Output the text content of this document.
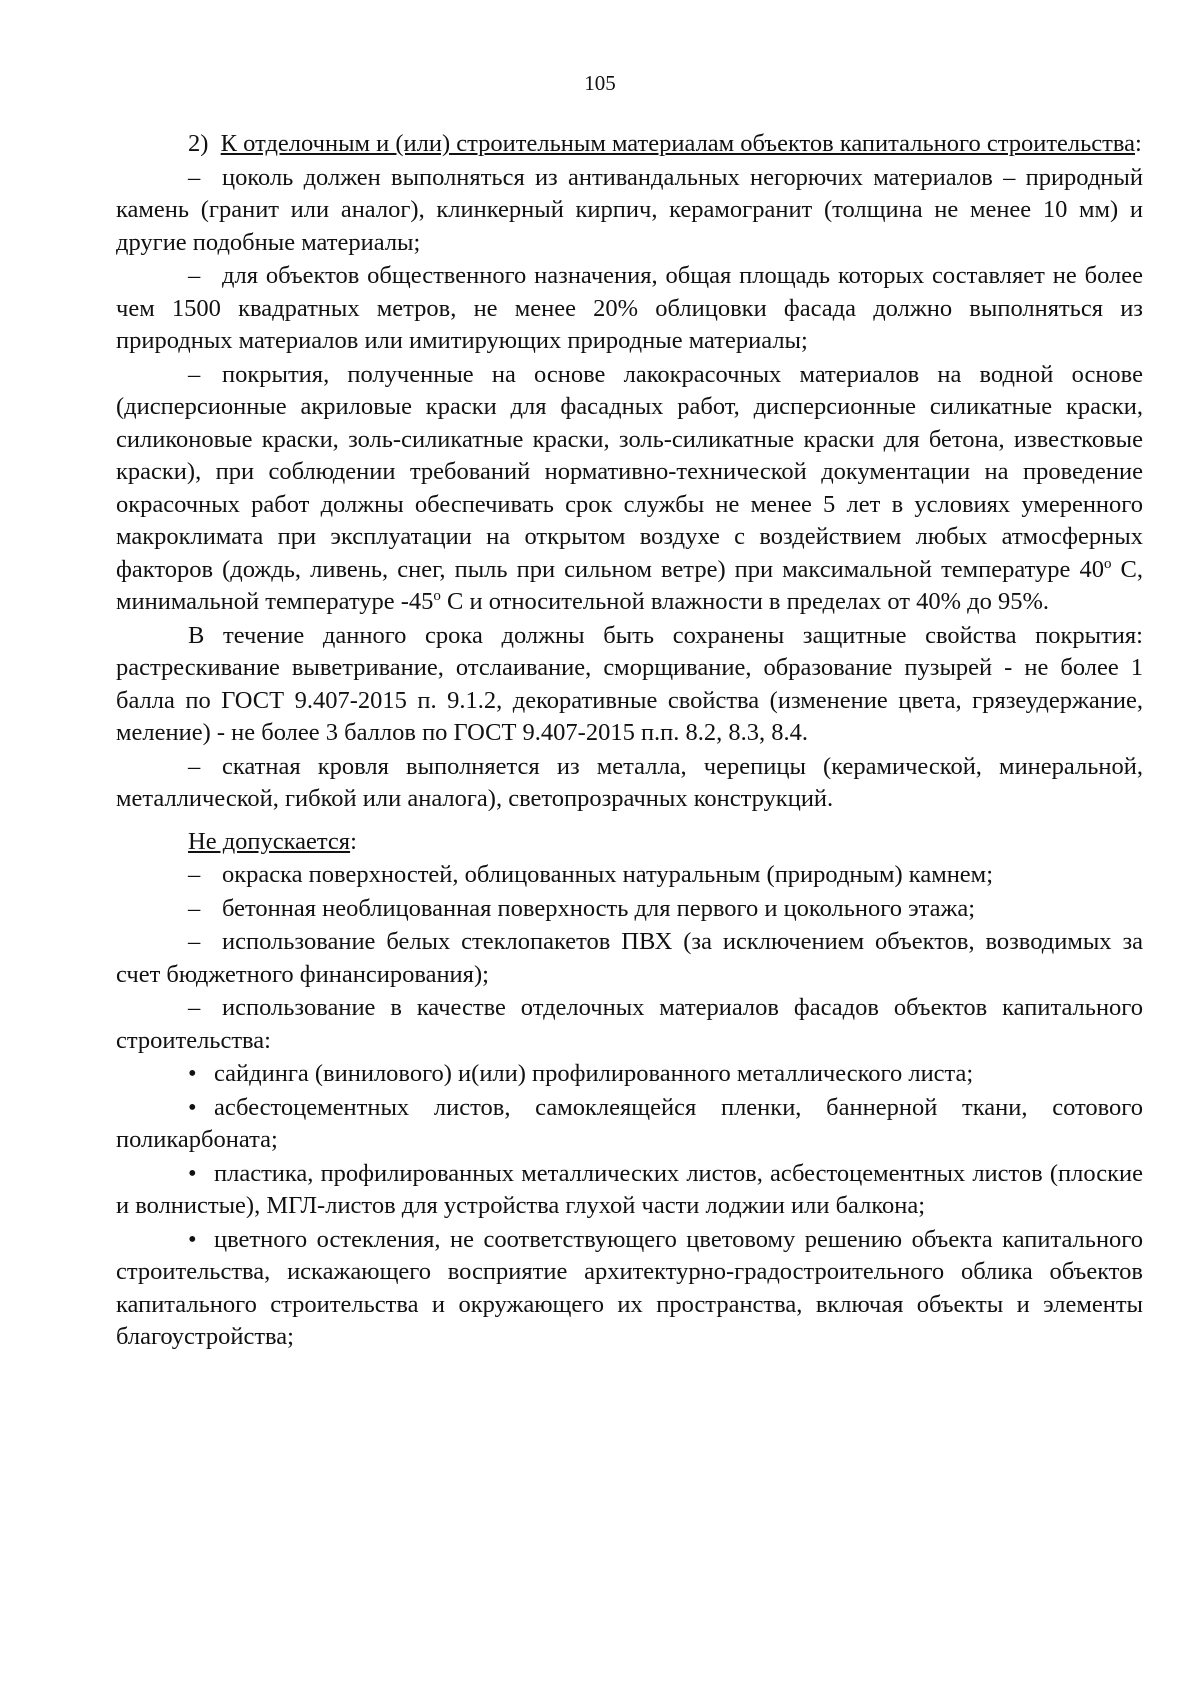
105

2) К отделочным и (или) строительным материалам объектов капитального строительства:

– цоколь должен выполняться из антивандальных негорючих материалов – природный камень (гранит или аналог), клинкерный кирпич, керамогранит (толщина не менее 10 мм) и другие подобные материалы;

– для объектов общественного назначения, общая площадь которых составляет не более чем 1500 квадратных метров, не менее 20% облицовки фасада должно выполняться из природных материалов или имитирующих природные материалы;

– покрытия, полученные на основе лакокрасочных материалов на водной основе (дисперсионные акриловые краски для фасадных работ, дисперсионные силикатные краски, силиконовые краски, золь-силикатные краски, золь-силикатные краски для бетона, известковые краски), при соблюдении требований нормативно-технической документации на проведение окрасочных работ должны обеспечивать срок службы не менее 5 лет в условиях умеренного макроклимата при эксплуатации на открытом воздухе с воздействием любых атмосферных факторов (дождь, ливень, снег, пыль при сильном ветре) при максимальной температуре 40$^o$ С, минимальной температуре -45$^o$ С и относительной влажности в пределах от 40% до 95%.

В течение данного срока должны быть сохранены защитные свойства покрытия: растрескивание выветривание, отслаивание, сморщивание, образование пузырей - не более 1 балла по ГОСТ 9.407-2015 п. 9.1.2, декоративные свойства (изменение цвета, грязеудержание, меление) - не более 3 баллов по ГОСТ 9.407-2015 п.п. 8.2, 8.3, 8.4.

– скатная кровля выполняется из металла, черепицы (керамической, минеральной, металлической, гибкой или аналога), светопрозрачных конструкций.

Не допускается:

– окраска поверхностей, облицованных натуральным (природным) камнем;

– бетонная необлицованная поверхность для первого и цокольного этажа;

– использование белых стеклопакетов ПВХ (за исключением объектов, возводимых за счет бюджетного финансирования);

– использование в качестве отделочных материалов фасадов объектов капитального строительства:

• сайдинга (винилового) и(или) профилированного металлического листа;

• асбестоцементных листов, самоклеящейся пленки, баннерной ткани, сотового поликарбоната;

• пластика, профилированных металлических листов, асбестоцементных листов (плоские и волнистые), МГЛ-листов для устройства глухой части лоджии или балкона;

• цветного остекления, не соответствующего цветовому решению объекта капитального строительства, искажающего восприятие архитектурно-градостроительного облика объектов капитального строительства и окружающего их пространства, включая объекты и элементы благоустройства;
